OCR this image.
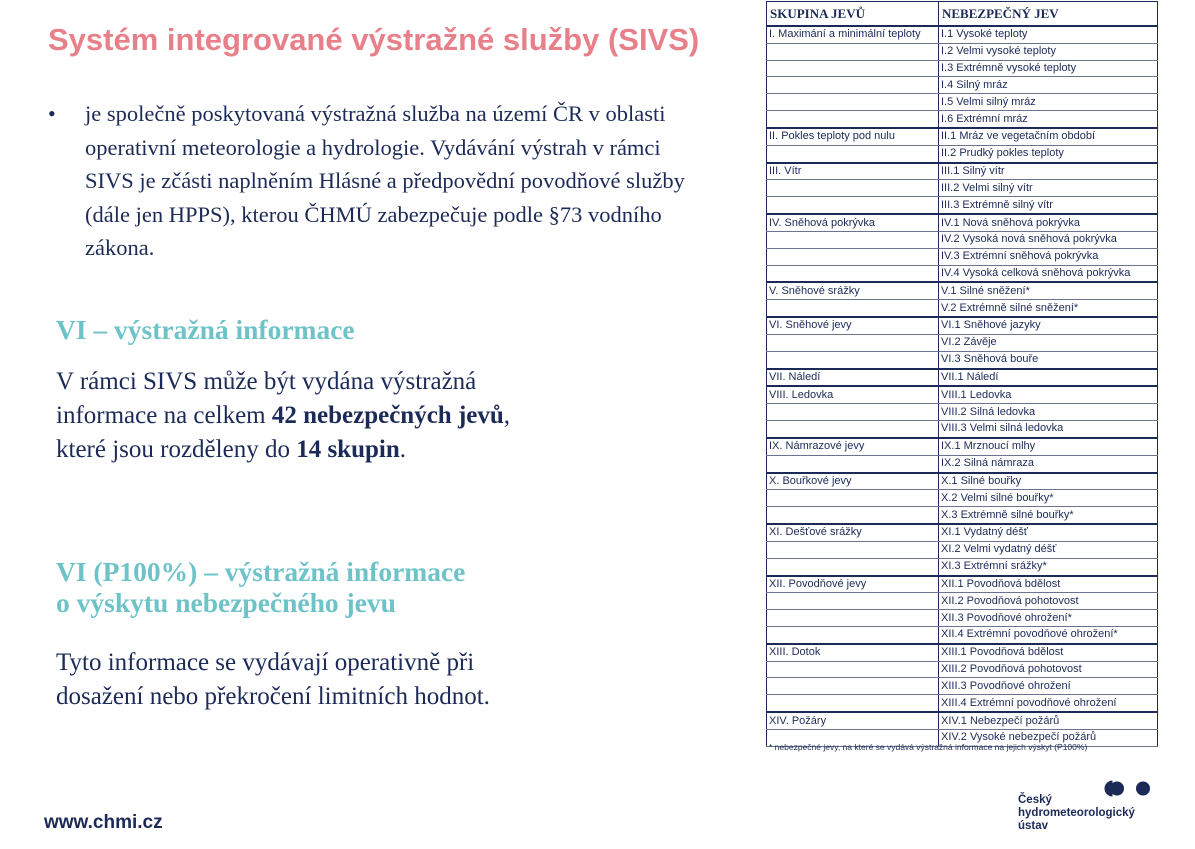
Systém integrované výstražné služby (SIVS)
• je společně poskytovaná výstražná služba na území ČR v oblasti operativní meteorologie a hydrologie. Vydávání výstrah v rámci SIVS je zčásti naplněním Hlásné a předpovědní povodňové služby (dále jen HPPS), kterou ČHMÚ zabezpečuje podle §73 vodního zákona.
VI – výstražná informace

V rámci SIVS může být vydána výstražná
informace na celkem 42 nebezpečných jevů,
které jsou rozděleny do 14 skupin.

VI (P100%) – výstražná informace
o výskytu nebezpečného jevu

Tyto informace se vydávají operativně při
dosažení nebo překročení limitních hodnot.

SKUPINA JEVŮ	NEBEZPEČNÝ JEV
I. Maximání a minimální teploty	I.1 Vysoké teploty
	I.2 Velmi vysoké teploty
	I.3 Extrémně vysoké teploty
	I.4 Silný mráz
	I.5 Velmi silný mráz
	I.6 Extrémní mráz
II. Pokles teploty pod nulu	II.1 Mráz ve vegetačním období
	II.2 Prudký pokles teploty
III. Vítr	III.1 Silný vítr
	III.2 Velmi silný vítr
	III.3 Extrémně silný vítr
IV. Sněhová pokrývka	IV.1 Nová sněhová pokrývka
	IV.2 Vysoká nová sněhová pokrývka
	IV.3 Extrémní sněhová pokrývka
	IV.4 Vysoká celková sněhová pokrývka
V. Sněhové srážky	V.1 Silné sněžení*
	V.2 Extrémně silné sněžení*
VI. Sněhové jevy	VI.1 Sněhové jazyky
	VI.2 Závěje
	VI.3 Sněhová bouře
VII. Náledí	VII.1 Náledí
VIII. Ledovka	VIII.1 Ledovka
	VIII.2 Silná ledovka
	VIII.3 Velmi silná ledovka
IX. Námrazové jevy	IX.1 Mrznoucí mlhy
	IX.2 Silná námraza
X. Bouřkové jevy	X.1 Silné bouřky
	X.2 Velmi silné bouřky*
	X.3 Extrémně silné bouřky*
XI. Dešťové srážky	XI.1 Vydatný déšť
	XI.2 Velmi vydatný déšť
	XI.3 Extrémní srážky*
XII. Povodňové jevy	XII.1 Povodňová bdělost
	XII.2 Povodňová pohotovost
	XII.3 Povodňové ohrožení*
	XII.4 Extrémní povodňové ohrožení*
XIII. Dotok	XIII.1 Povodňová bdělost
	XIII.2 Povodňová pohotovost
	XIII.3 Povodňové ohrožení
	XIII.4 Extrémní povodňové ohrožení
XIV. Požáry	XIV.1 Nebezpečí požárů
	XIV.2 Vysoké nebezpečí požárů
* nebezpečné jevy, na které se vydává výstražná informace na jejich výskyt (P100%)
www.chmi.cz
Český
hydrometeorologický
ústav
